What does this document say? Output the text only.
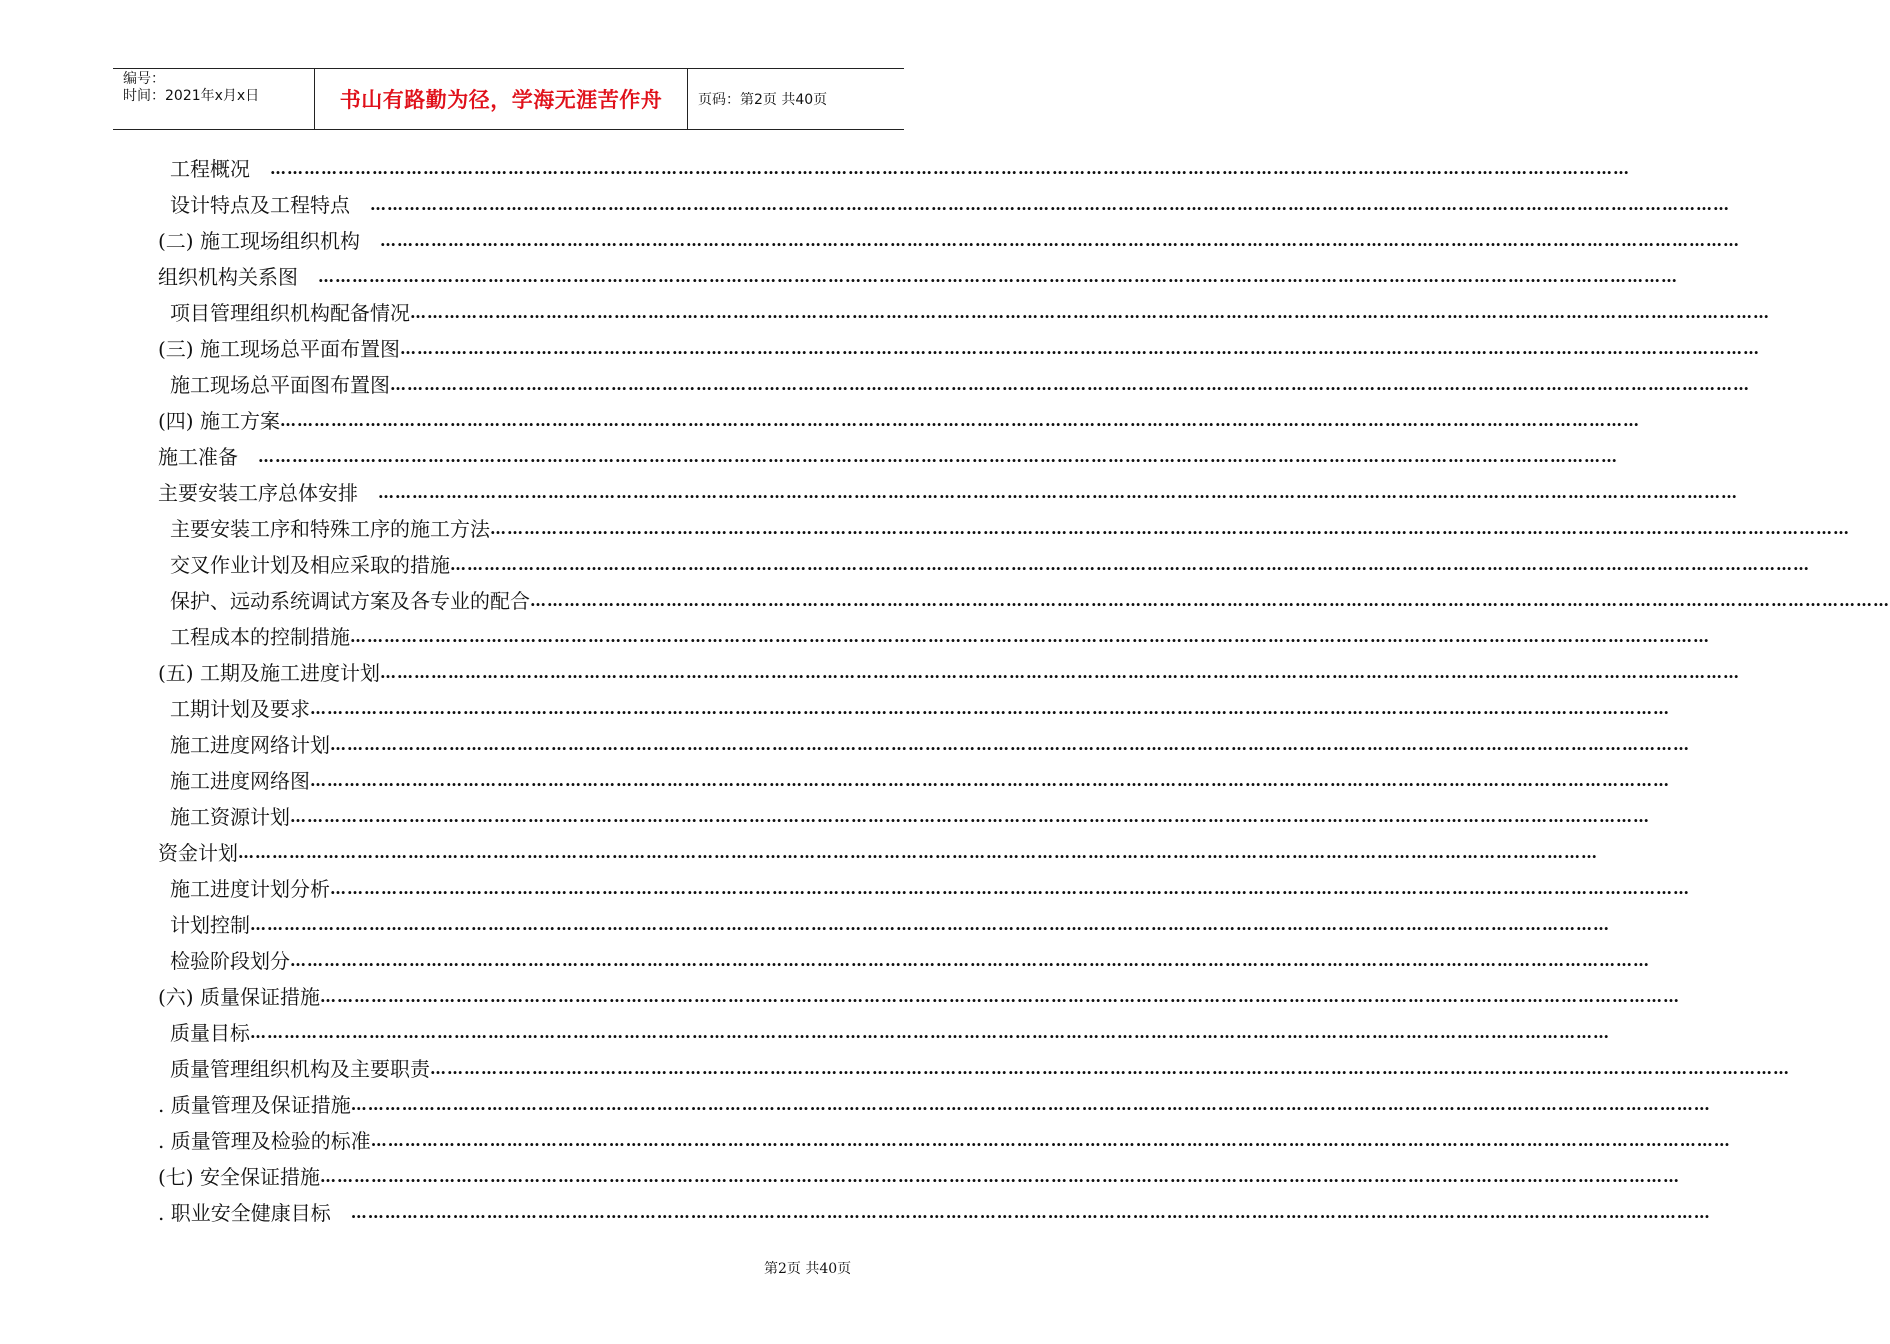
编号：
时间：2021年x月x日	书山有路勤为径，学海无涯苦作舟	页码：第2页 共40页
工程概况　 ……………………………………………………………………………………………………………………………………………………………………………………………………………………
设计特点及工程特点　 ……………………………………………………………………………………………………………………………………………………………………………………………………………………
(二) 施工现场组织机构　 ……………………………………………………………………………………………………………………………………………………………………………………………………………………
组织机构关系图　 ……………………………………………………………………………………………………………………………………………………………………………………………………………………
项目管理组织机构配备情况 ……………………………………………………………………………………………………………………………………………………………………………………………………………………
(三) 施工现场总平面布置图 ……………………………………………………………………………………………………………………………………………………………………………………………………………………
施工现场总平面图布置图 ……………………………………………………………………………………………………………………………………………………………………………………………………………………
(四) 施工方案 ……………………………………………………………………………………………………………………………………………………………………………………………………………………
施工准备　 ……………………………………………………………………………………………………………………………………………………………………………………………………………………
主要安装工序总体安排　 ……………………………………………………………………………………………………………………………………………………………………………………………………………………
主要安装工序和特殊工序的施工方法 ……………………………………………………………………………………………………………………………………………………………………………………………………………………
交叉作业计划及相应采取的措施 ……………………………………………………………………………………………………………………………………………………………………………………………………………………
保护、远动系统调试方案及各专业的配合 ……………………………………………………………………………………………………………………………………………………………………………………………………………………
工程成本的控制措施 ……………………………………………………………………………………………………………………………………………………………………………………………………………………
(五) 工期及施工进度计划 ……………………………………………………………………………………………………………………………………………………………………………………………………………………
工期计划及要求 ……………………………………………………………………………………………………………………………………………………………………………………………………………………
施工进度网络计划 ……………………………………………………………………………………………………………………………………………………………………………………………………………………
施工进度网络图 ……………………………………………………………………………………………………………………………………………………………………………………………………………………
施工资源计划 ……………………………………………………………………………………………………………………………………………………………………………………………………………………
资金计划 ……………………………………………………………………………………………………………………………………………………………………………………………………………………
施工进度计划分析 ……………………………………………………………………………………………………………………………………………………………………………………………………………………
计划控制 ……………………………………………………………………………………………………………………………………………………………………………………………………………………
检验阶段划分 ……………………………………………………………………………………………………………………………………………………………………………………………………………………
(六) 质量保证措施 ……………………………………………………………………………………………………………………………………………………………………………………………………………………
质量目标 ……………………………………………………………………………………………………………………………………………………………………………………………………………………
质量管理组织机构及主要职责 ……………………………………………………………………………………………………………………………………………………………………………………………………………………
. 质量管理及保证措施 ……………………………………………………………………………………………………………………………………………………………………………………………………………………
. 质量管理及检验的标准 ……………………………………………………………………………………………………………………………………………………………………………………………………………………
(七) 安全保证措施 ……………………………………………………………………………………………………………………………………………………………………………………………………………………
. 职业安全健康目标　 ……………………………………………………………………………………………………………………………………………………………………………………………………………………
第2页 共40页
